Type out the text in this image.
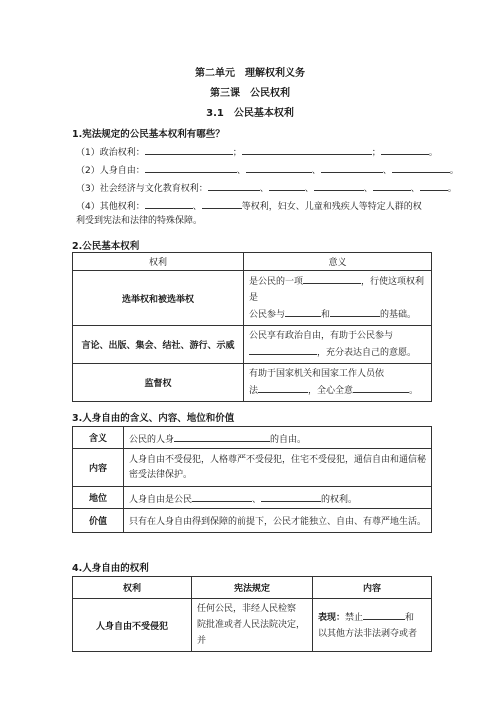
第二单元　理解权利义务
第三课　公民权利
3.1　公民基本权利
1.宪法规定的公民基本权利有哪些？
（1）政治权利：	；	；	。
（2）人身自由：	、	、	、	。
（3）社会经济与文化教育权利：	、	、	、	、	。
（4）其他权利：	、	等权利，妇女、儿童和残疾人等特定人群的权
利受到宪法和法律的特殊保障。
2.公民基本权利
权利	意义
选举权和被选举权	是公民的一项 ，行使这项权利是
公民参与 和 的基础。
言论、出版、集会、结社、游行、示威	公民享有政治自由，有助于公民参与
，充分表达自己的意愿。
监督权	有助于国家机关和国家工作人员依
法 ，全心全意 。
3.人身自由的含义、内容、地位和价值
含义	公民的人身 的自由。
内容	人身自由不受侵犯，人格尊严不受侵犯，住宅不受侵犯，通信自由和通信秘
密受法律保护。
地位	人身自由是公民 、 的权利。
价值	只有在人身自由得到保障的前提下，公民才能独立、自由、有尊严地生活。
4.人身自由的权利
权利	宪法规定	内容
人身自由不受侵犯	任何公民，非经人民检察
院批准或者人民法院决定，并	表现：禁止 和
以其他方法非法剥夺或者
